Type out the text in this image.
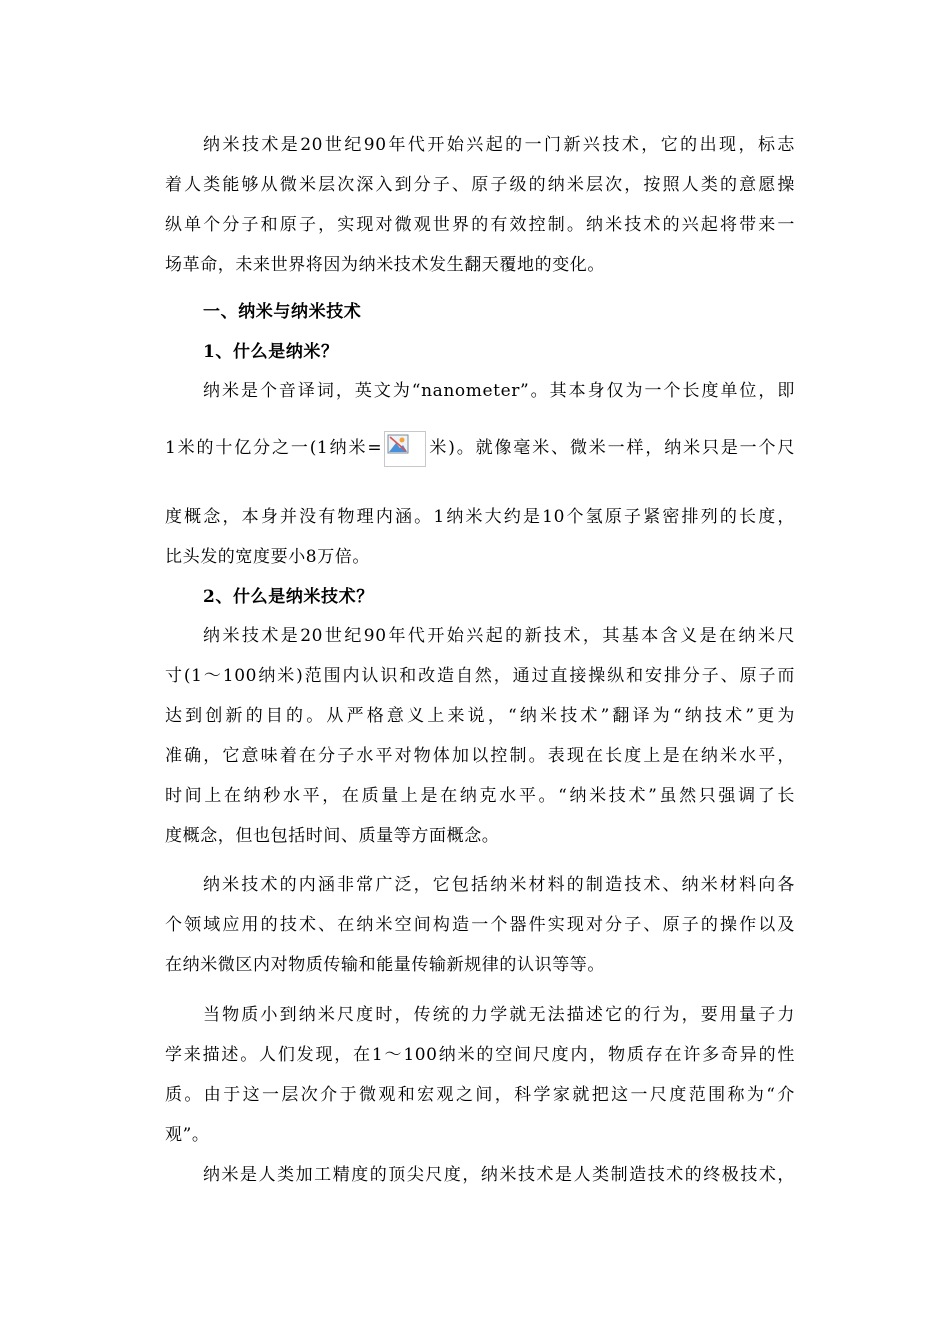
纳米技术是20世纪90年代开始兴起的一门新兴技术，它的出现，标志
着人类能够从微米层次深入到分子、原子级的纳米层次，按照人类的意愿操
纵单个分子和原子，实现对微观世界的有效控制。纳米技术的兴起将带来一
场革命，未来世界将因为纳米技术发生翻天覆地的变化。
一、纳米与纳米技术
1、什么是纳米？
纳米是个音译词，英文为“nanometer”。其本身仅为一个长度单位，即
1米的十亿分之一(1纳米=	米)。就像毫米、微米一样，纳米只是一个尺
度概念，本身并没有物理内涵。1纳米大约是10个氢原子紧密排列的长度，
比头发的宽度要小8万倍。
2、什么是纳米技术？
纳米技术是20世纪90年代开始兴起的新技术，其基本含义是在纳米尺
寸(1～100纳米)范围内认识和改造自然，通过直接操纵和安排分子、原子而
达到创新的目的。从严格意义上来说，“纳米技术”翻译为“纳技术”更为
准确，它意味着在分子水平对物体加以控制。表现在长度上是在纳米水平，
时间上在纳秒水平，在质量上是在纳克水平。“纳米技术”虽然只强调了长
度概念，但也包括时间、质量等方面概念。
纳米技术的内涵非常广泛，它包括纳米材料的制造技术、纳米材料向各
个领域应用的技术、在纳米空间构造一个器件实现对分子、原子的操作以及
在纳米微区内对物质传输和能量传输新规律的认识等等。
当物质小到纳米尺度时，传统的力学就无法描述它的行为，要用量子力
学来描述。人们发现，在1～100纳米的空间尺度内，物质存在许多奇异的性
质。由于这一层次介于微观和宏观之间，科学家就把这一尺度范围称为“介
观”。
纳米是人类加工精度的顶尖尺度，纳米技术是人类制造技术的终极技术，
